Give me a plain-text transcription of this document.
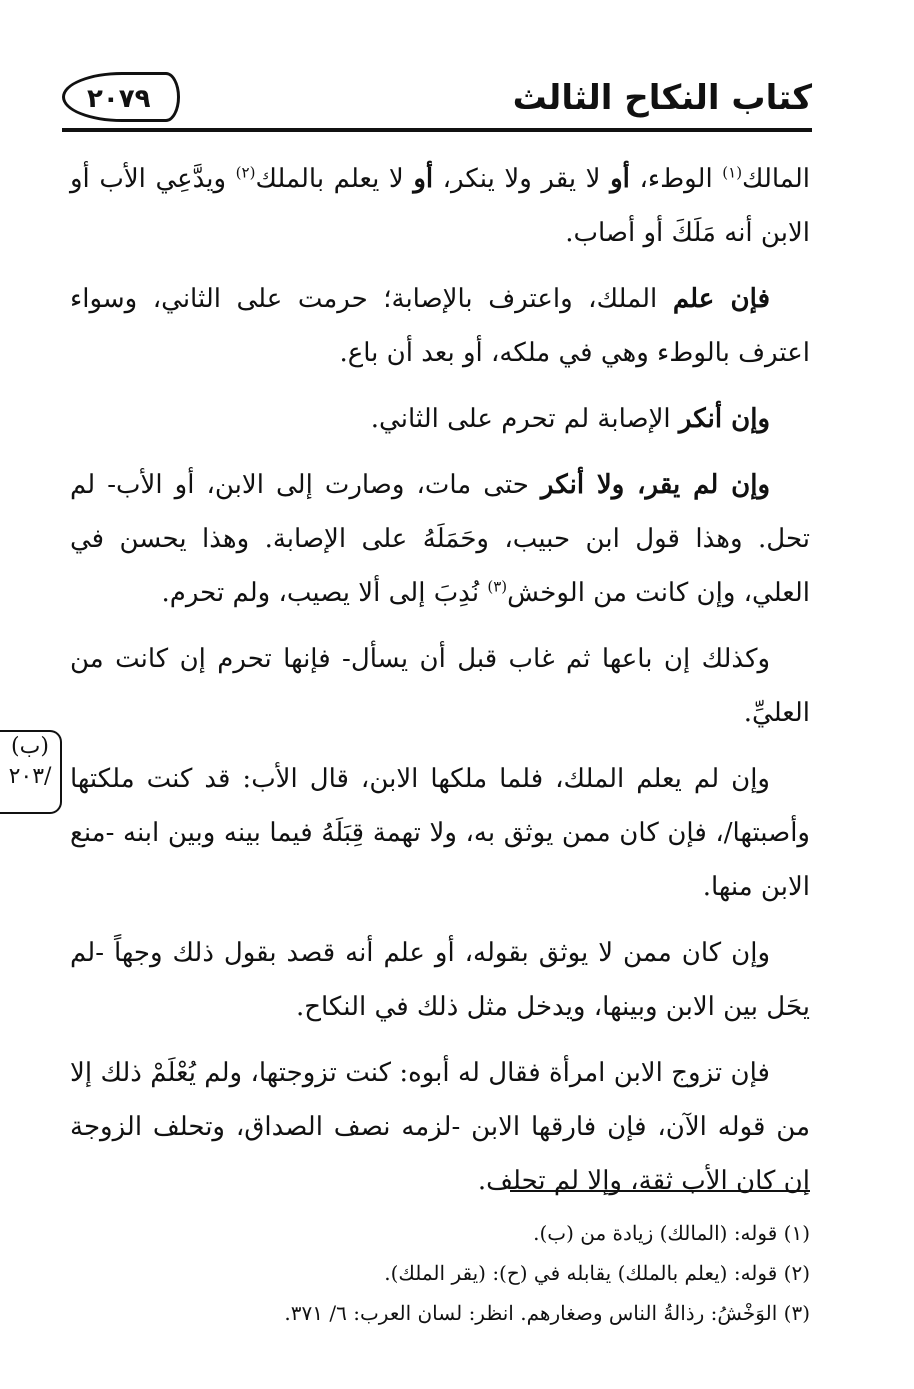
كتاب النكاح الثالث
٢٠٧٩
(ب)
/٢٠٣

المالك$^{(١)}$ الوطء، أو لا يقر ولا ينكر، أو لا يعلم بالملك$^{(٢)}$ ويدَّعِي الأب أو الابن أنه مَلَكَ أو أصاب.

فإن علم الملك، واعترف بالإصابة؛ حرمت على الثاني، وسواء اعترف بالوطء وهي في ملكه، أو بعد أن باع.

وإن أنكر الإصابة لم تحرم على الثاني.

وإن لم يقر، ولا أنكر حتى مات، وصارت إلى الابن، أو الأب- لم تحل. وهذا قول ابن حبيب، وحَمَلَهُ على الإصابة. وهذا يحسن في العلي، وإن كانت من الوخش$^{(٣)}$ نُدِبَ إلى ألا يصيب، ولم تحرم.

وكذلك إن باعها ثم غاب قبل أن يسأل- فإنها تحرم إن كانت من العليِّ.

وإن لم يعلم الملك، فلما ملكها الابن، قال الأب: قد كنت ملكتها وأصبتها/، فإن كان ممن يوثق به، ولا تهمة قِبَلَهُ فيما بينه وبين ابنه -منع الابن منها.

وإن كان ممن لا يوثق بقوله، أو علم أنه قصد بقول ذلك وجهاً -لم يحَل بين الابن وبينها، ويدخل مثل ذلك في النكاح.

فإن تزوج الابن امرأة فقال له أبوه: كنت تزوجتها، ولم يُعْلَمْ ذلك إلا من قوله الآن، فإن فارقها الابن -لزمه نصف الصداق، وتحلف الزوجة إن كان الأب ثقة، وإلا لم تحلف.

(١) قوله: (المالك) زيادة من (ب).
(٢) قوله: (يعلم بالملك) يقابله في (ح): (يقر الملك).
(٣) الوَخْشُ: رذالةُ الناس وصغارهم. انظر: لسان العرب: ٦/ ٣٧١.
